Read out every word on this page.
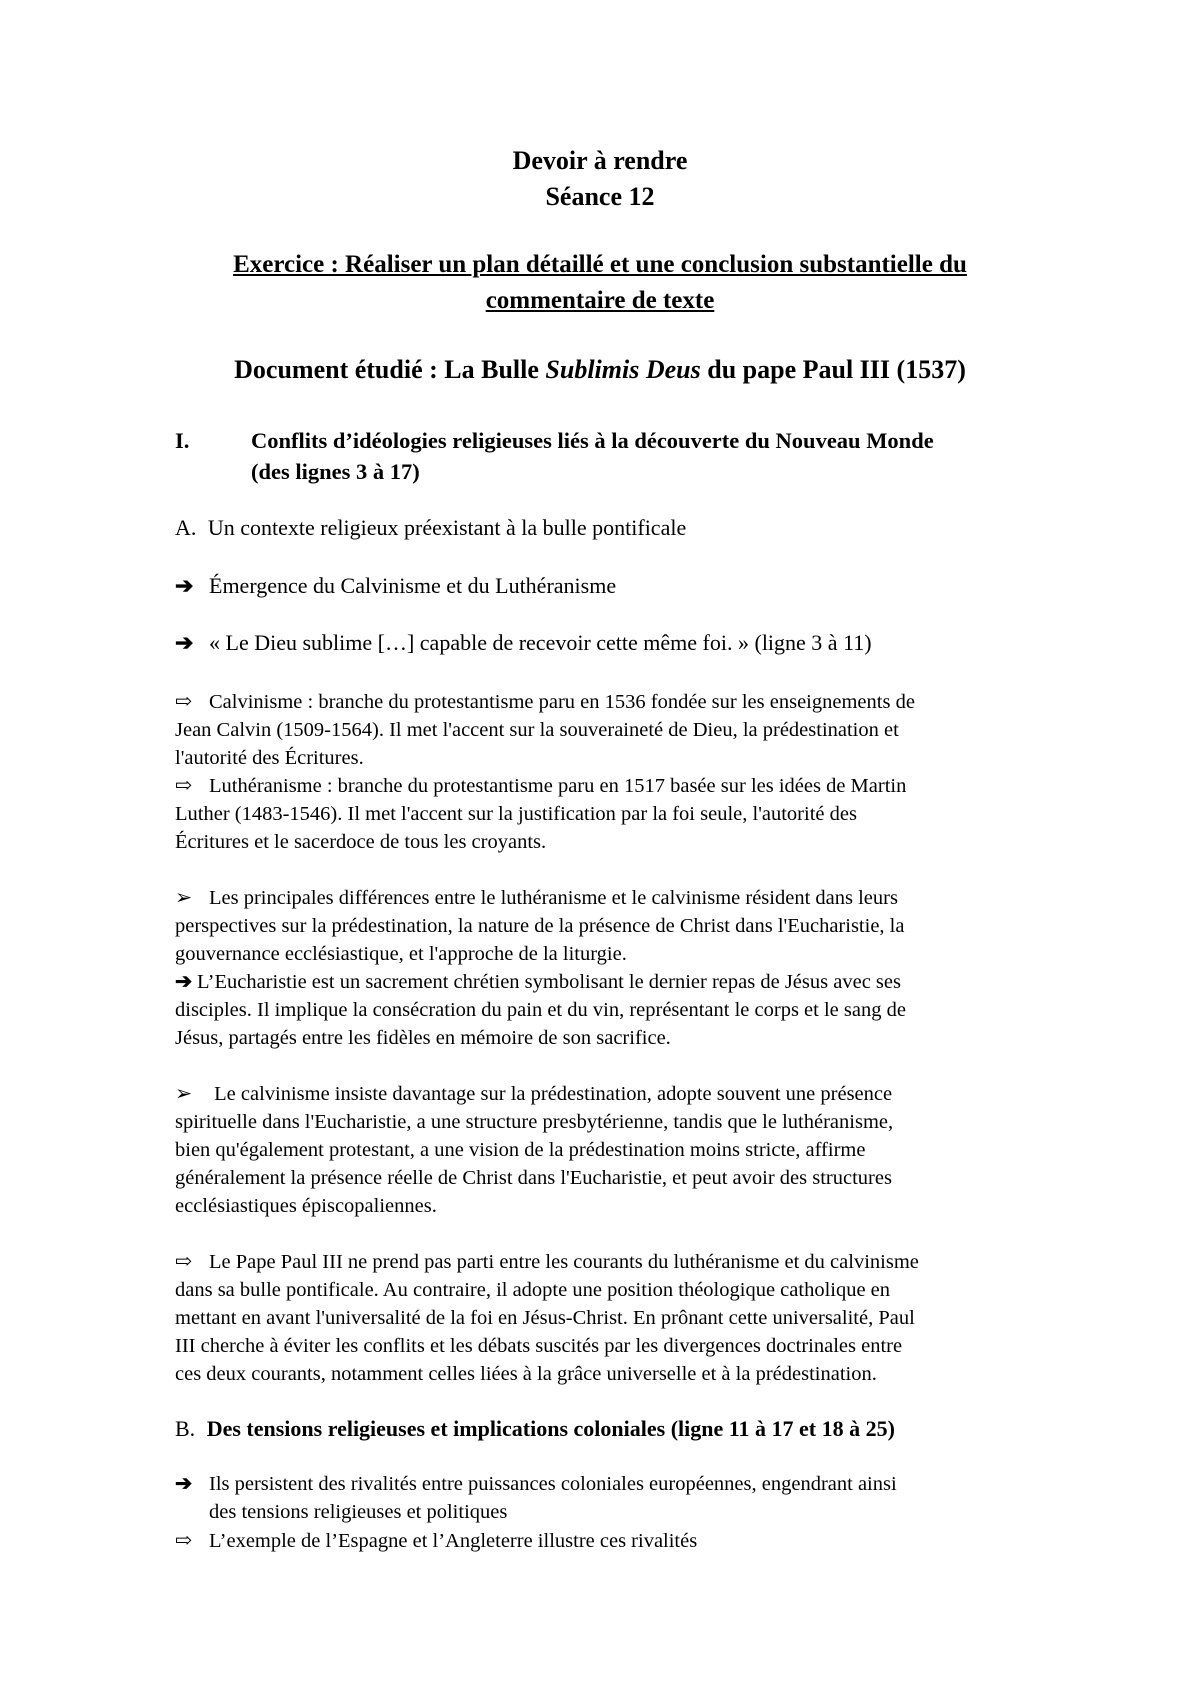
Devoir à rendre
Séance 12
Exercice : Réaliser un plan détaillé et une conclusion substantielle du
commentaire de texte
Document étudié : La Bulle Sublimis Deus du pape Paul III (1537)
I.	Conflits d’idéologies religieuses liés à la découverte du Nouveau Monde
(des lignes 3 à 17)
A. Un contexte religieux préexistant à la bulle pontificale
➔ Émergence du Calvinisme et du Luthéranisme
➔ « Le Dieu sublime […] capable de recevoir cette même foi. » (ligne 3 à 11)
⇨ Calvinisme : branche du protestantisme paru en 1536 fondée sur les enseignements de
Jean Calvin (1509-1564). Il met l'accent sur la souveraineté de Dieu, la prédestination et
l'autorité des Écritures.
⇨ Luthéranisme : branche du protestantisme paru en 1517 basée sur les idées de Martin
Luther (1483-1546). Il met l'accent sur la justification par la foi seule, l'autorité des
Écritures et le sacerdoce de tous les croyants.
➢ Les principales différences entre le luthéranisme et le calvinisme résident dans leurs
perspectives sur la prédestination, la nature de la présence de Christ dans l'Eucharistie, la
gouvernance ecclésiastique, et l'approche de la liturgie.
➔ L’Eucharistie est un sacrement chrétien symbolisant le dernier repas de Jésus avec ses
disciples. Il implique la consécration du pain et du vin, représentant le corps et le sang de
Jésus, partagés entre les fidèles en mémoire de son sacrifice.
➢ Le calvinisme insiste davantage sur la prédestination, adopte souvent une présence
spirituelle dans l'Eucharistie, a une structure presbytérienne, tandis que le luthéranisme,
bien qu'également protestant, a une vision de la prédestination moins stricte, affirme
généralement la présence réelle de Christ dans l'Eucharistie, et peut avoir des structures
ecclésiastiques épiscopaliennes.
⇨ Le Pape Paul III ne prend pas parti entre les courants du luthéranisme et du calvinisme
dans sa bulle pontificale. Au contraire, il adopte une position théologique catholique en
mettant en avant l'universalité de la foi en Jésus-Christ. En prônant cette universalité, Paul
III cherche à éviter les conflits et les débats suscités par les divergences doctrinales entre
ces deux courants, notamment celles liées à la grâce universelle et à la prédestination.
B. Des tensions religieuses et implications coloniales (ligne 11 à 17 et 18 à 25)
➔ Ils persistent des rivalités entre puissances coloniales européennes, engendrant ainsi
des tensions religieuses et politiques
⇨ L’exemple de l’Espagne et l’Angleterre illustre ces rivalités
